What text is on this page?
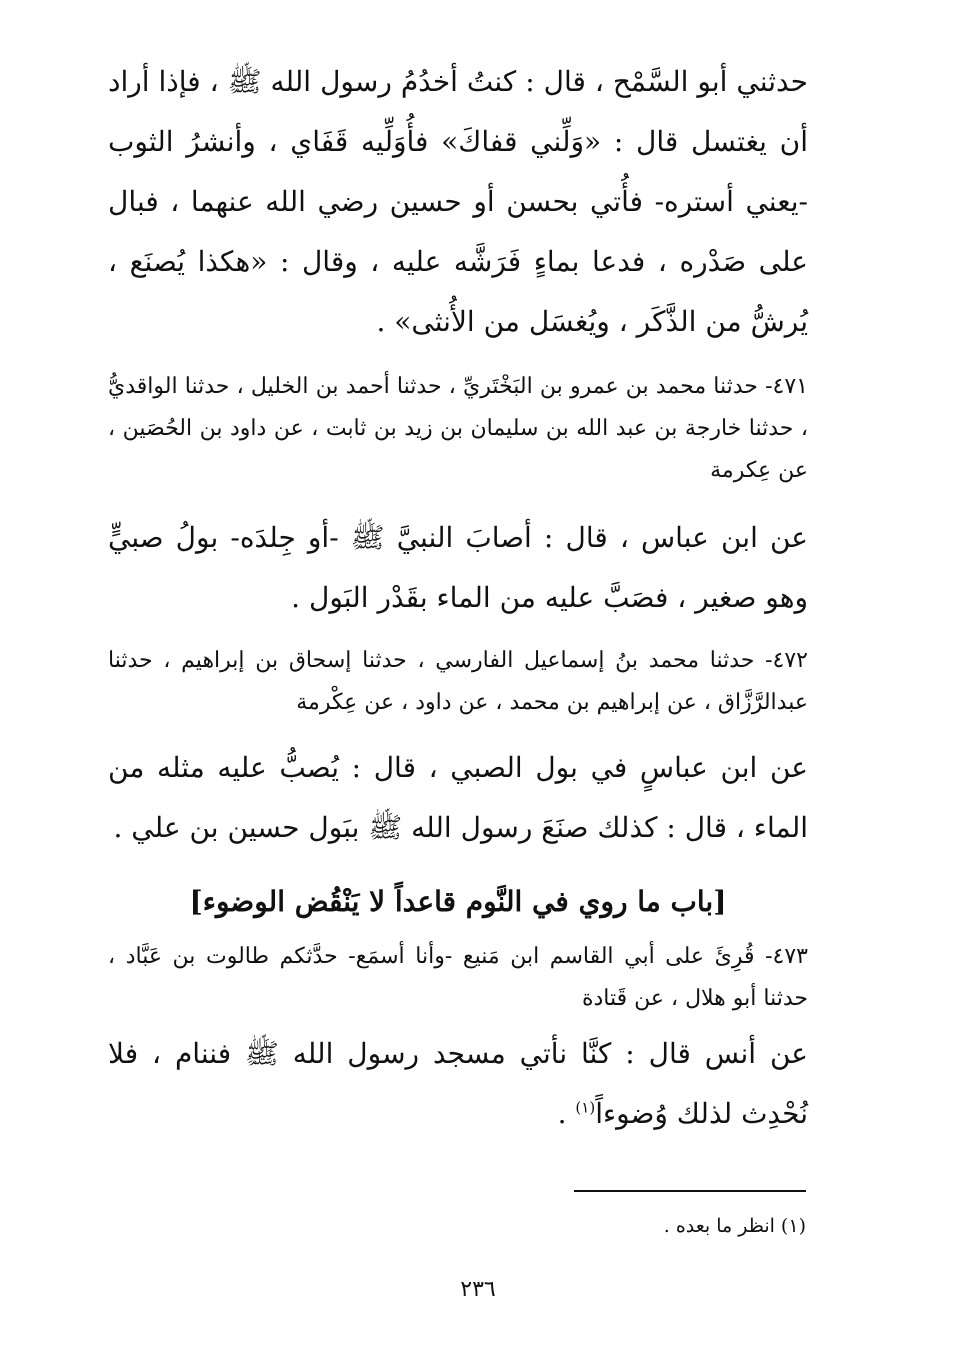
حدثني أبو السَّمْح ، قال : كنتُ أخدُمُ رسول الله ﷺ ، فإذا أراد أن يغتسل قال : «وَلِّني قفاكَ» فأُوَلِّيه قَفَاي ، وأنشرُ الثوب -يعني أستره- فأُتي بحسن أو حسين رضي الله عنهما ، فبال على صَدْره ، فدعا بماءٍ فَرَشَّه عليه ، وقال : «هكذا يُصنَع ، يُرشُّ من الذَّكَر ، ويُغسَل من الأُنثى» .

٤٧١- حدثنا محمد بن عمرو بن البَخْتَريِّ ، حدثنا أحمد بن الخليل ، حدثنا الواقديُّ ، حدثنا خارجة بن عبد الله بن سليمان بن زيد بن ثابت ، عن داود بن الحُصَين ، عن عِكرمة

عن ابن عباس ، قال : أصابَ النبيَّ ﷺ -أو جِلدَه- بولُ صبيٍّ وهو صغير ، فصَبَّ عليه من الماء بقَدْر البَول .

٤٧٢- حدثنا محمد بنُ إسماعيل الفارسي ، حدثنا إسحاق بن إبراهيم ، حدثنا عبدالرَّزَّاق ، عن إبراهيم بن محمد ، عن داود ، عن عِكْرمة

عن ابن عباسٍ في بول الصبي ، قال : يُصبُّ عليه مثله من الماء ، قال : كذلك صنَعَ رسول الله ﷺ ببَول حسين بن علي .

[باب ما روي في النَّوم قاعداً لا يَنْقُض الوضوء]

٤٧٣- قُرِئَ على أبي القاسم ابن مَنيع -وأنا أسمَع- حدَّثكم طالوت بن عَبَّاد ، حدثنا أبو هلال ، عن قَتادة

عن أنس قال : كنَّا نأتي مسجد رسول الله ﷺ فننام ، فلا نُحْدِث لذلك وُضوءاً$^{(١)}$ .

(١) انظر ما بعده .
٢٣٦
